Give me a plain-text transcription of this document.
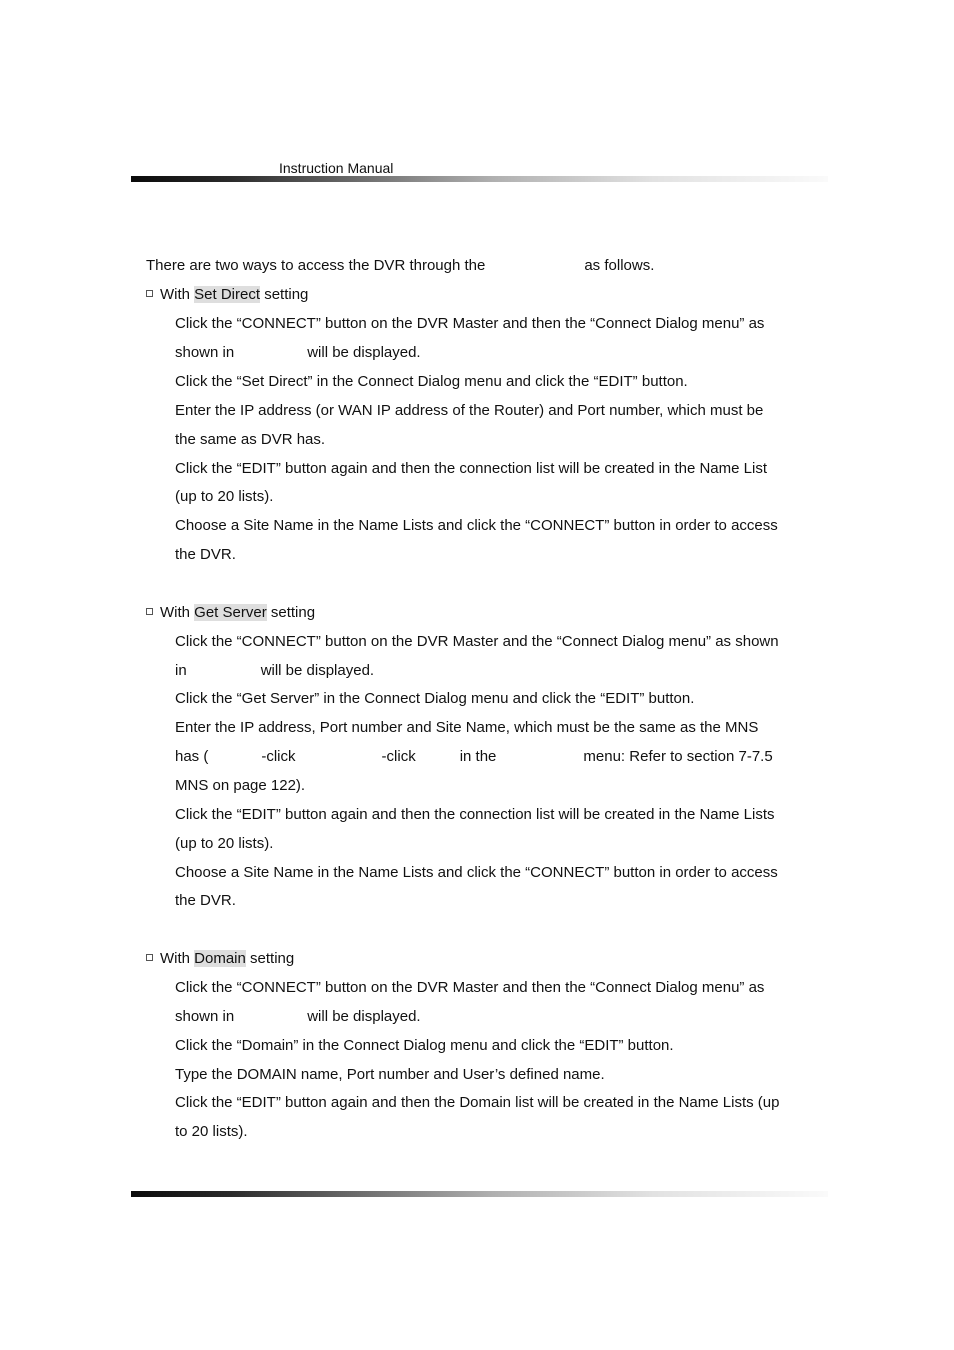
Instruction Manual
There are two ways to access the DVR through the	as follows.
With Set Direct setting
Click the “CONNECT” button on the DVR Master and then the “Connect Dialog menu” as
shown in	will be displayed.
Click the “Set Direct” in the Connect Dialog menu and click the “EDIT” button.
Enter the IP address (or WAN IP address of the Router) and Port number, which must be
the same as DVR has.
Click the “EDIT” button again and then the connection list will be created in the Name List
(up to 20 lists).
Choose a Site Name in the Name Lists and click the “CONNECT” button in order to access
the DVR.
With Get Server setting
Click the “CONNECT” button on the DVR Master and the “Connect Dialog menu” as shown
in	will be displayed.
Click the “Get Server” in the Connect Dialog menu and click the “EDIT” button.
Enter the IP address, Port number and Site Name, which must be the same as the MNS
has (	-click	-click	in the	menu: Refer to section 7-7.5
MNS on page 122).
Click the “EDIT” button again and then the connection list will be created in the Name Lists
(up to 20 lists).
Choose a Site Name in the Name Lists and click the “CONNECT” button in order to access
the DVR.
With Domain setting
Click the “CONNECT” button on the DVR Master and then the “Connect Dialog menu” as
shown in	will be displayed.
Click the “Domain” in the Connect Dialog menu and click the “EDIT” button.
Type the DOMAIN name, Port number and User’s defined name.
Click the “EDIT” button again and then the Domain list will be created in the Name Lists (up
to 20 lists).
